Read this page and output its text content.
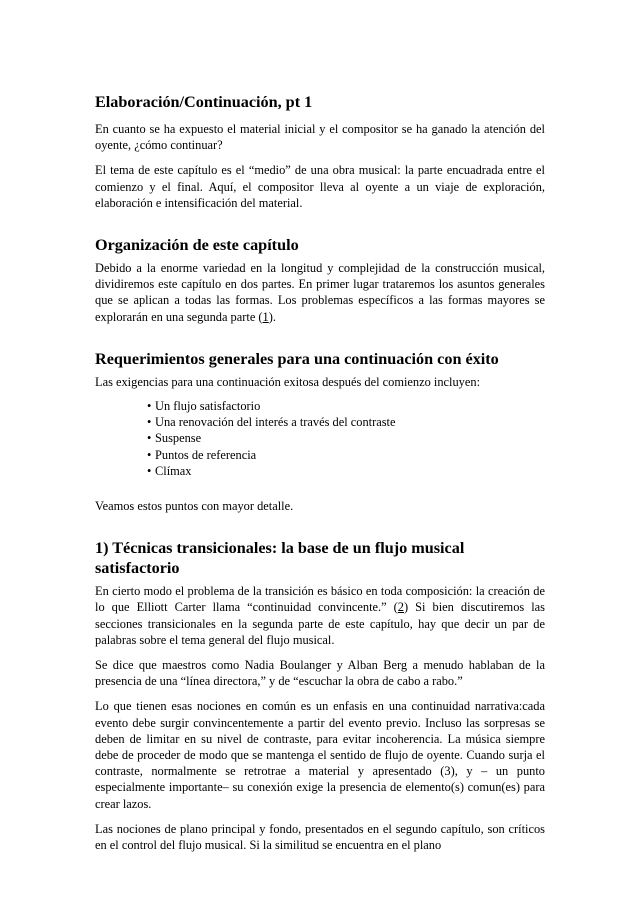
Elaboración/Continuación, pt 1

En cuanto se ha expuesto el material inicial y el compositor se ha ganado la atención del oyente, ¿cómo continuar?

El tema de este capítulo es el “medio” de una obra musical: la parte encuadrada entre el comienzo y el final. Aquí, el compositor lleva al oyente a un viaje de exploración, elaboración e intensificación del material.

Organización de este capítulo

Debido a la enorme variedad en la longitud y complejidad de la construcción musical, dividiremos este capítulo en dos partes. En primer lugar trataremos los asuntos generales que se aplican a todas las formas. Los problemas específicos a las formas mayores se explorarán en una segunda parte (1).

Requerimientos generales para una continuación con éxito

Las exigencias para una continuación exitosa después del comienzo incluyen:

• Un flujo satisfactorio
• Una renovación del interés a través del contraste
• Suspense
• Puntos de referencia
• Clímax

Veamos estos puntos con mayor detalle.

1) Técnicas transicionales: la base de un flujo musical satisfactorio

En cierto modo el problema de la transición es básico en toda composición: la creación de lo que Elliott Carter llama “continuidad convincente.” (2) Si bien discutiremos las secciones transicionales en la segunda parte de este capítulo, hay que decir un par de palabras sobre el tema general del flujo musical.

Se dice que maestros como Nadia Boulanger y Alban Berg a menudo hablaban de la presencia de una “línea directora,” y de “escuchar la obra de cabo a rabo.”

Lo que tienen esas nociones en común es un enfasis en una continuidad narrativa:cada evento debe surgir convincentemente a partir del evento previo. Incluso las sorpresas se deben de limitar en su nivel de contraste, para evitar incoherencia. La música siempre debe de proceder de modo que se mantenga el sentido de flujo de oyente. Cuando surja el contraste, normalmente se retrotrae a material y apresentado (3), y – un punto especialmente importante– su conexión exige la presencia de elemento(s) comun(es) para crear lazos.

Las nociones de plano principal y fondo, presentados en el segundo capítulo, son críticos en el control del flujo musical. Si la similitud se encuentra en el plano
